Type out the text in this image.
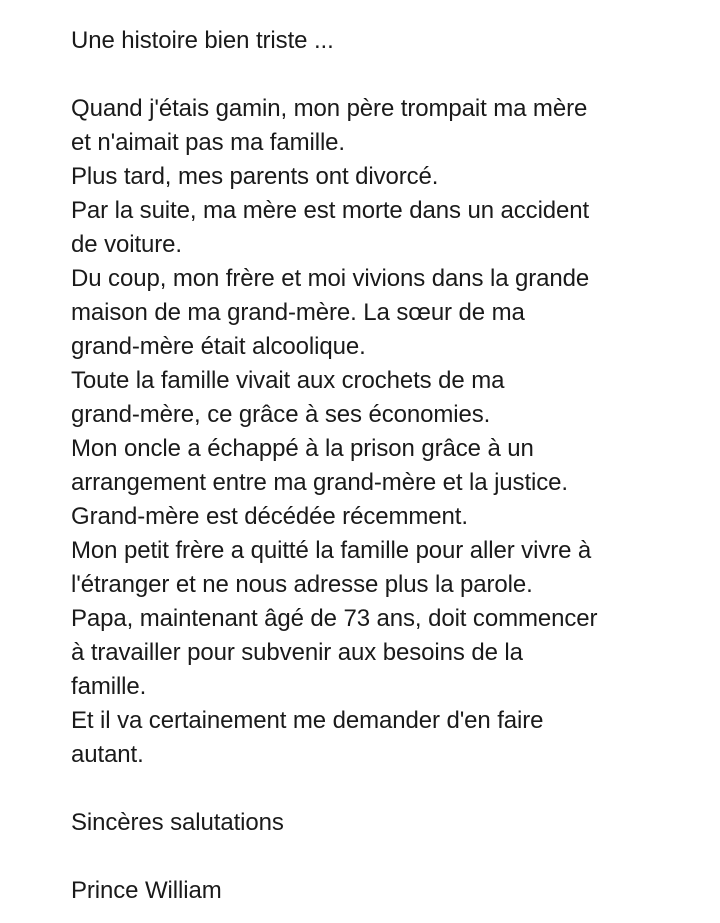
Une histoire bien triste ...
Quand j'étais gamin, mon père trompait ma mère
et n'aimait pas ma famille.
Plus tard, mes parents ont divorcé.
Par la suite, ma mère est morte dans un accident
de voiture.
Du coup, mon frère et moi vivions dans la grande
maison de ma grand-mère. La sœur de ma
grand-mère était alcoolique.
Toute la famille vivait aux crochets de ma
grand-mère, ce grâce à ses économies.
Mon oncle a échappé à la prison grâce à un
arrangement entre ma grand-mère et la justice.
Grand-mère est décédée récemment.
Mon petit frère a quitté la famille pour aller vivre à
l'étranger et ne nous adresse plus la parole.
Papa, maintenant âgé de 73 ans, doit commencer
à travailler pour subvenir aux besoins de la
famille.
Et il va certainement me demander d'en faire
autant.
Sincères salutations
Prince William
